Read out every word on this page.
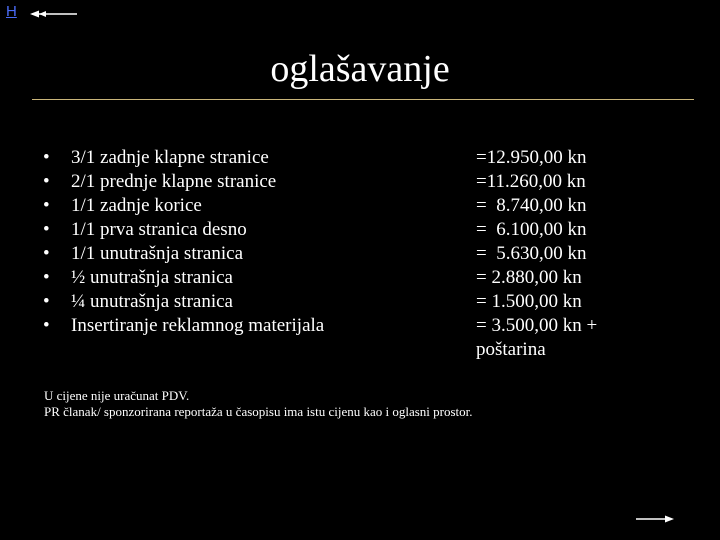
H
oglašavanje
• 3/1 zadnje klapne stranice	=12.950,00 kn
• 2/1 prednje klapne stranice	=11.260,00 kn
• 1/1 zadnje korice	=  8.740,00 kn
• 1/1 prva stranica desno	=  6.100,00 kn
• 1/1 unutrašnja stranica	=  5.630,00 kn
• ½ unutrašnja stranica	= 2.880,00 kn
• ¼ unutrašnja stranica	= 1.500,00 kn
• Insertiranje reklamnog materijala	= 3.500,00 kn +
poštarina
U cijene nije uračunat PDV.
PR članak/ sponzorirana reportaža u časopisu ima istu cijenu kao i oglasni prostor.
